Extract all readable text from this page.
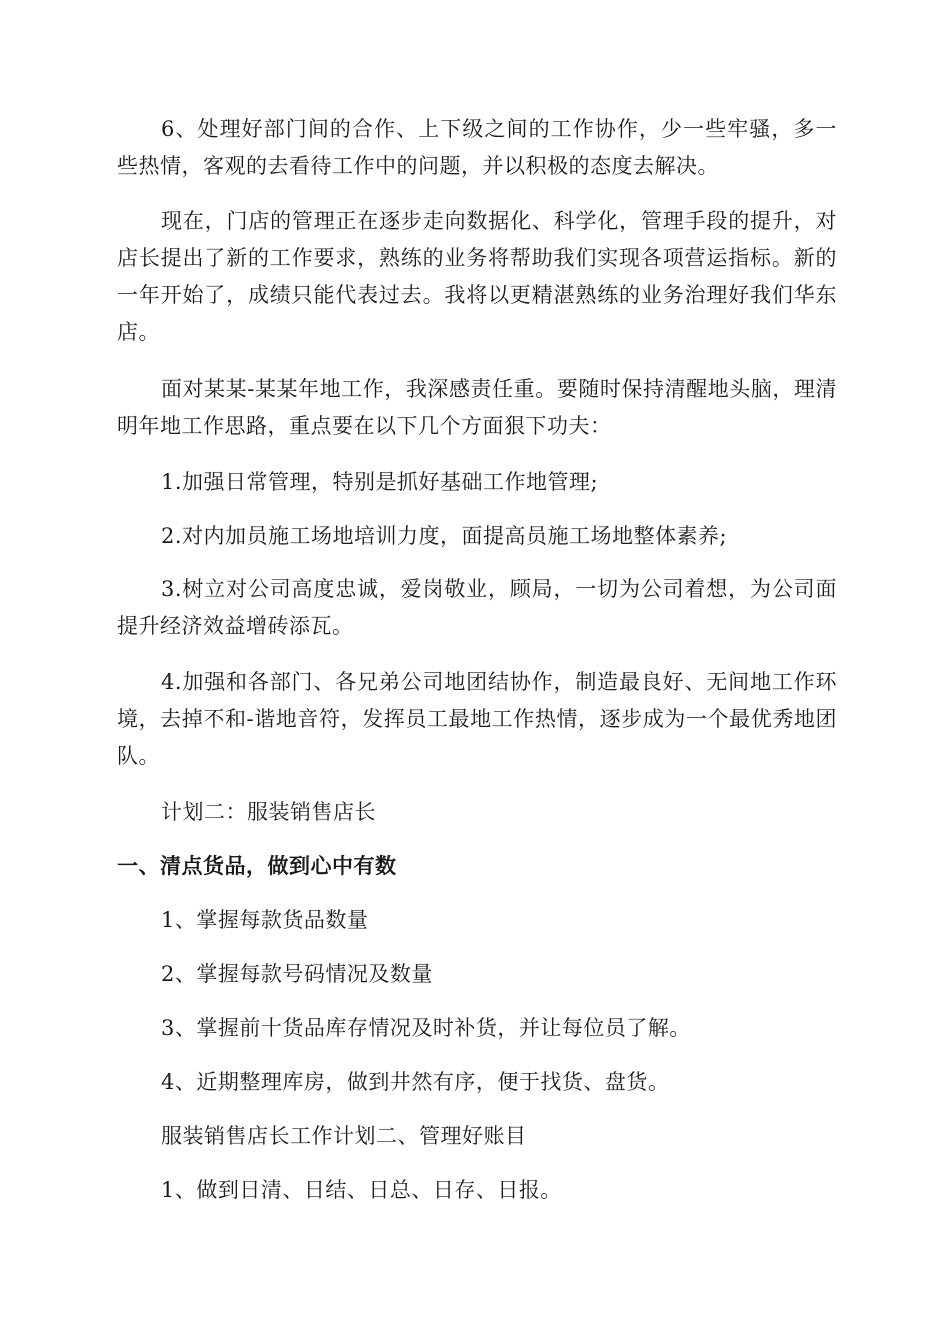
6、处理好部门间的合作、上下级之间的工作协作，少一些牢骚，多一些热情，客观的去看待工作中的问题，并以积极的态度去解决。

现在，门店的管理正在逐步走向数据化、科学化，管理手段的提升，对店长提出了新的工作要求，熟练的业务将帮助我们实现各项营运指标。新的一年开始了，成绩只能代表过去。我将以更精湛熟练的业务治理好我们华东店。

面对某某-某某年地工作，我深感责任重。要随时保持清醒地头脑，理清明年地工作思路，重点要在以下几个方面狠下功夫：

1.加强日常管理，特别是抓好基础工作地管理;

2.对内加员施工场地培训力度，面提高员施工场地整体素养;

3.树立对公司高度忠诚，爱岗敬业，顾局，一切为公司着想，为公司面提升经济效益增砖添瓦。

4.加强和各部门、各兄弟公司地团结协作，制造最良好、无间地工作环境，去掉不和-谐地音符，发挥员工最地工作热情，逐步成为一个最优秀地团队。

计划二：服装销售店长

一、清点货品，做到心中有数

1、掌握每款货品数量

2、掌握每款号码情况及数量

3、掌握前十货品库存情况及时补货，并让每位员了解。

4、近期整理库房，做到井然有序，便于找货、盘货。

服装销售店长工作计划二、管理好账目

1、做到日清、日结、日总、日存、日报。
